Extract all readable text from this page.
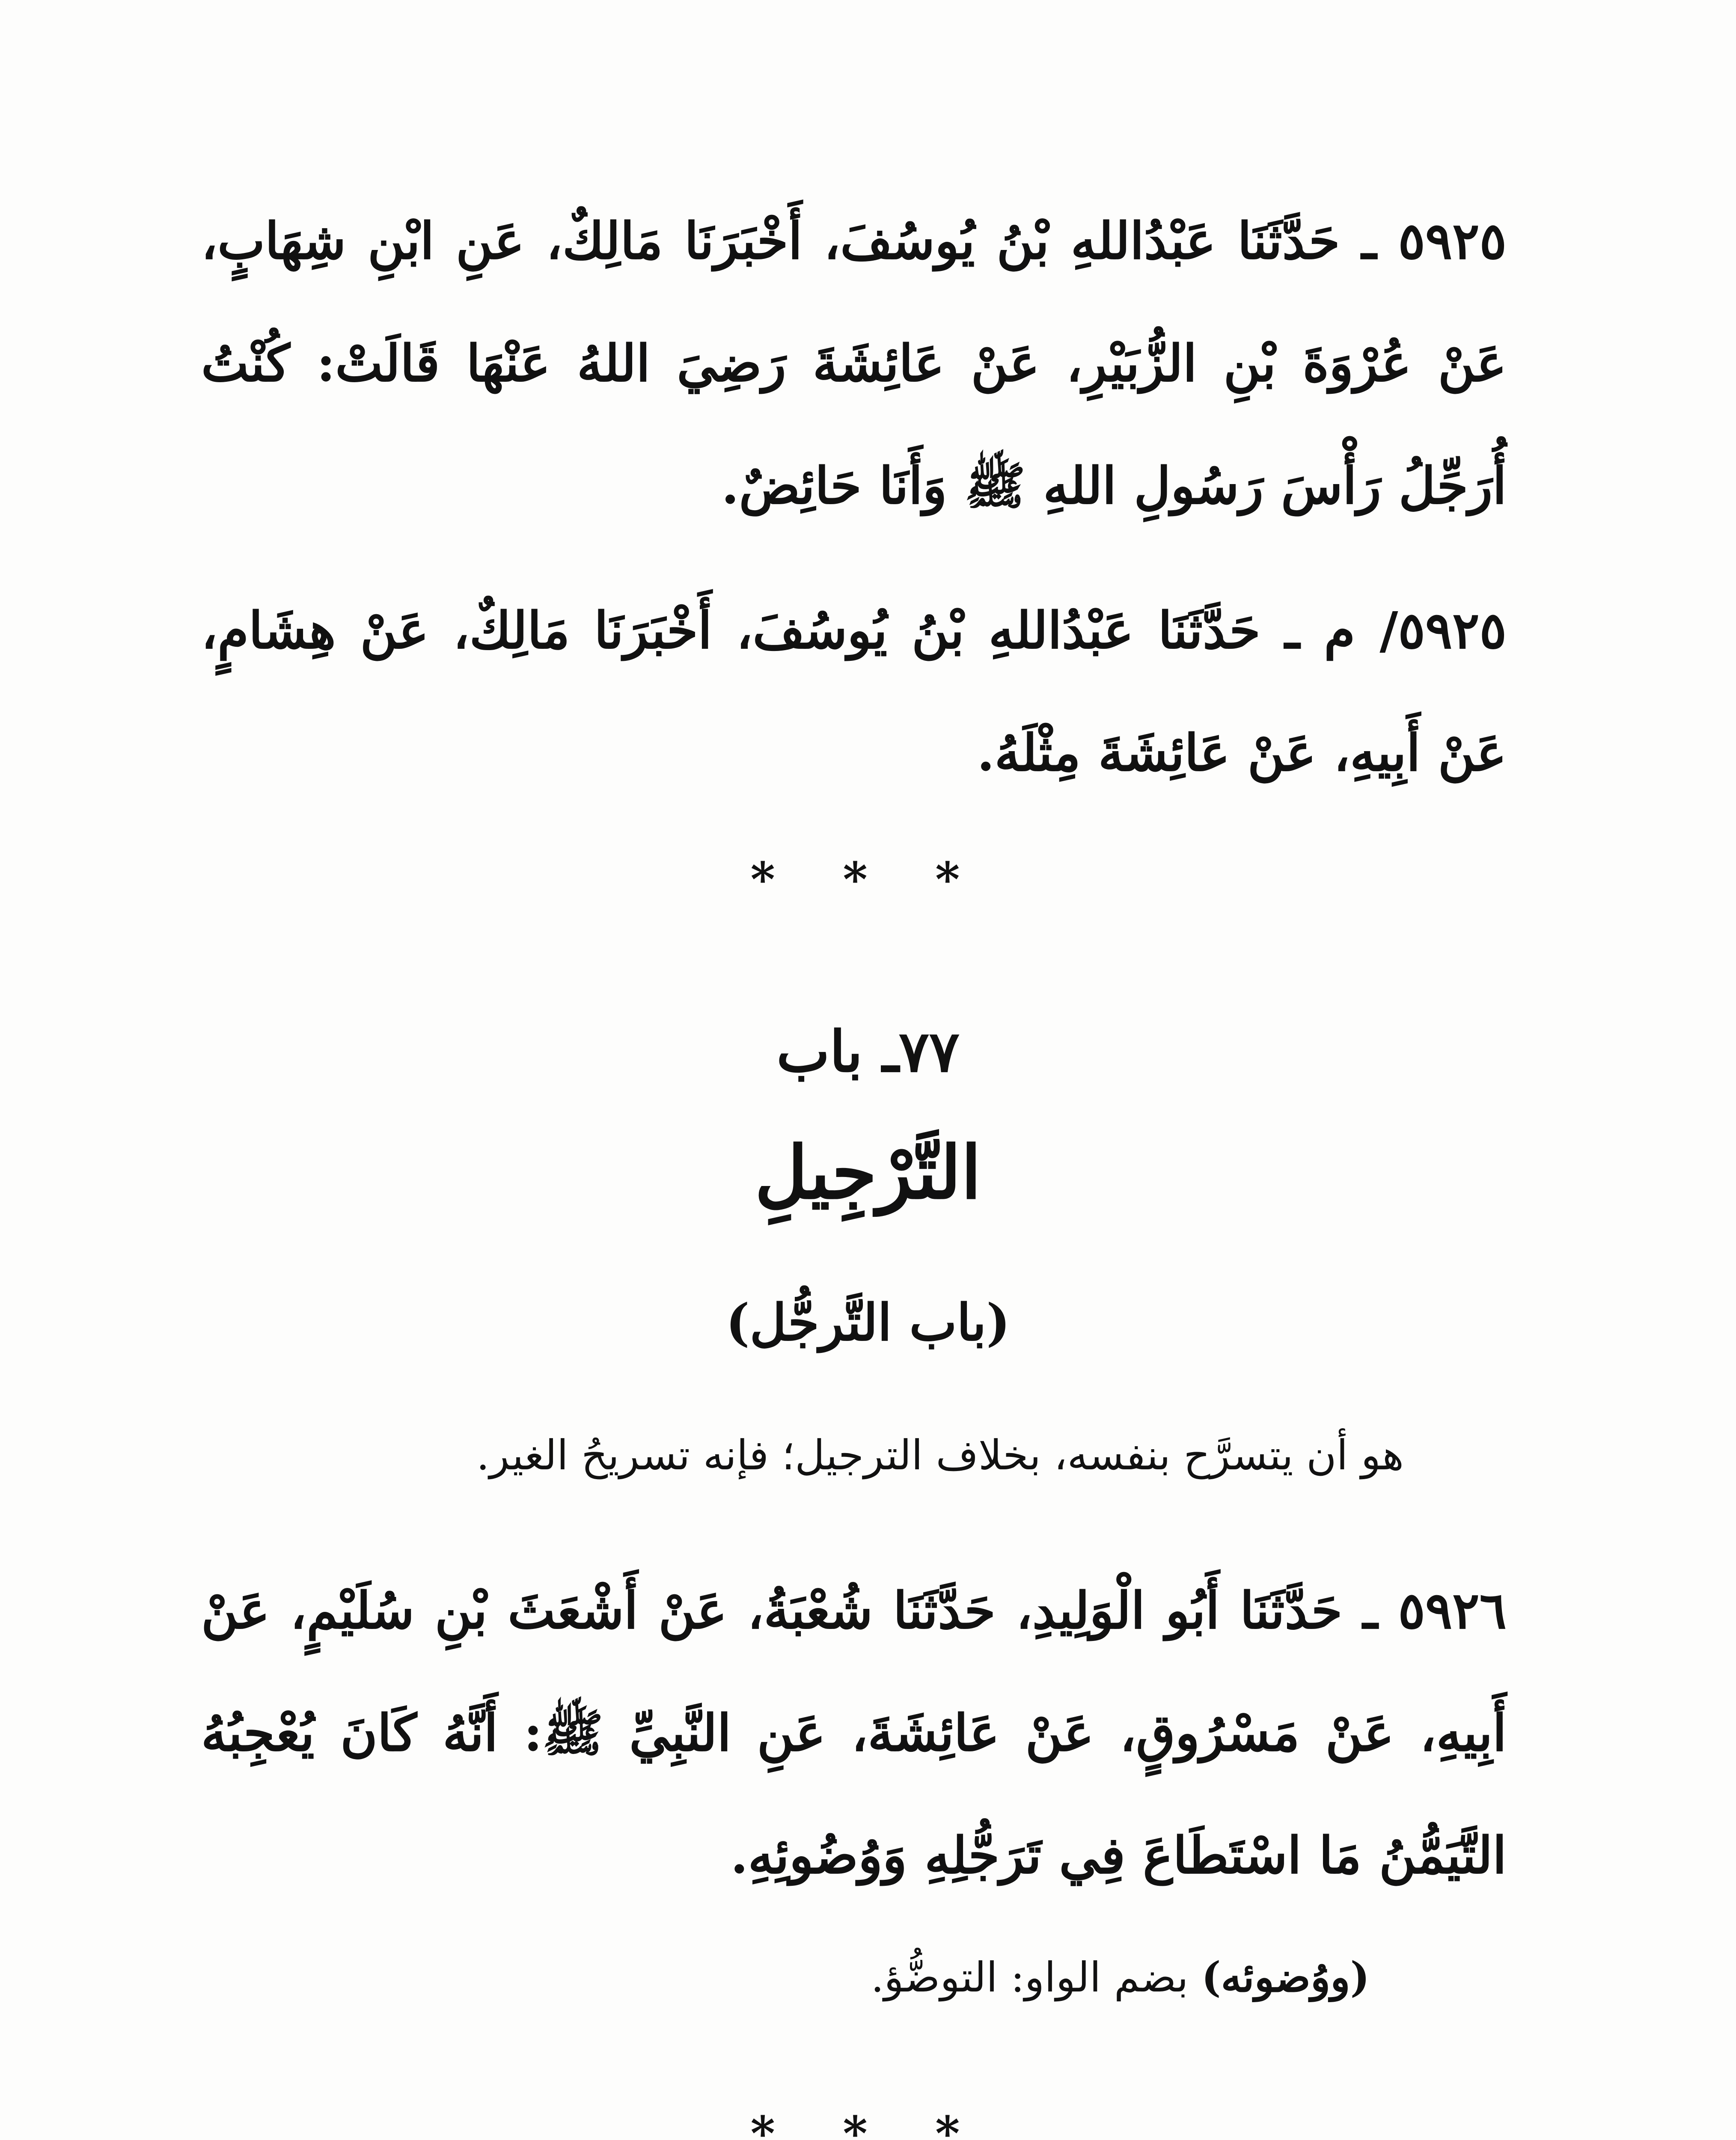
٥٩٢٥ ـ حَدَّثَنَا عَبْدُاللهِ بْنُ يُوسُفَ، أَخْبَرَنَا مَالِكٌ، عَنِ ابْنِ شِهَابٍ، عَنْ عُرْوَةَ بْنِ الزُّبَيْرِ، عَنْ عَائِشَةَ رَضِيَ اللهُ عَنْهَا قَالَتْ: كُنْتُ أُرَجِّلُ رَأْسَ رَسُولِ اللهِ ﷺ وَأَنَا حَائِضٌ.

٥٩٢٥/ م ـ حَدَّثَنَا عَبْدُاللهِ بْنُ يُوسُفَ، أَخْبَرَنَا مَالِكٌ، عَنْ هِشَامٍ، عَنْ أَبِيهِ، عَنْ عَائِشَةَ مِثْلَهُ.

* * *
٧٧ـ باب
التَّرْجِيلِ
(باب التَّرجُّل)

هو أن يتسرَّح بنفسه، بخلاف الترجيل؛ فإنه تسريحُ الغير.

٥٩٢٦ ـ حَدَّثَنَا أَبُو الْوَلِيدِ، حَدَّثَنَا شُعْبَةُ، عَنْ أَشْعَثَ بْنِ سُلَيْمٍ، عَنْ أَبِيهِ، عَنْ مَسْرُوقٍ، عَنْ عَائِشَةَ، عَنِ النَّبِيِّ ﷺ: أَنَّهُ كَانَ يُعْجِبُهُ التَّيَمُّنُ مَا اسْتَطَاعَ فِي تَرَجُّلِهِ وَوُضُوئِهِ.

(ووُضوئه) بضم الواو: التوضُّؤ.

* * *
